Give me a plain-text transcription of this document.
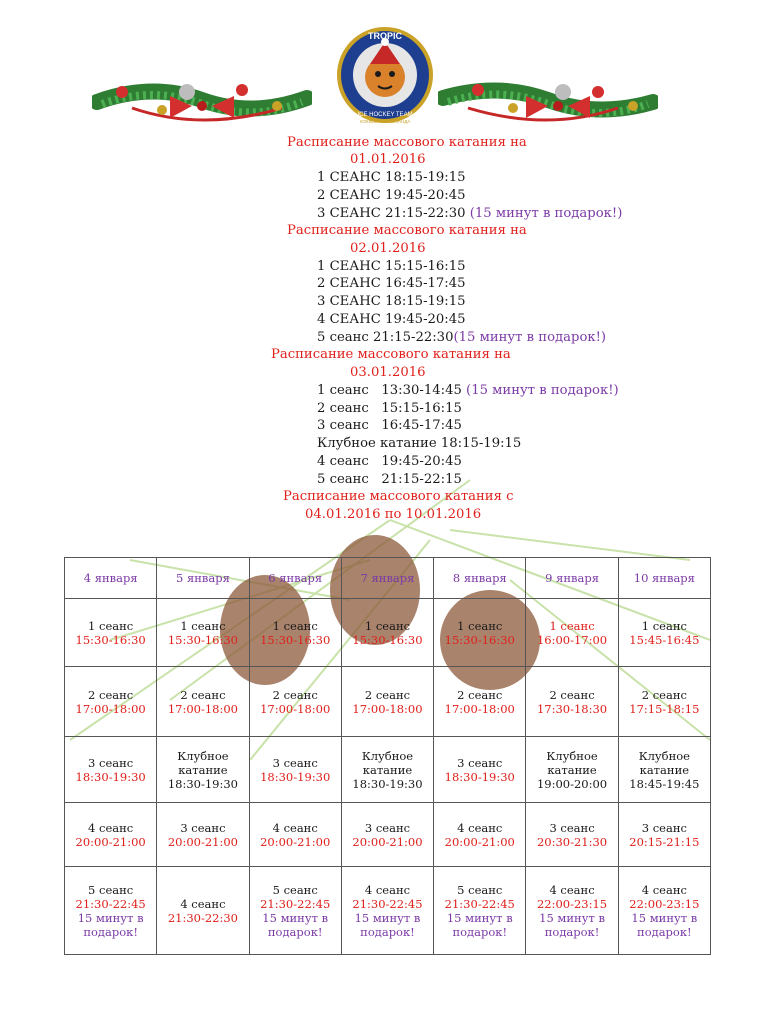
TROPIC
ICE HOCKEY TEAM
ХОККЕЙНАЯ КОМАНДА
Расписание массового катания на
01.01.2016
1 СЕАНС 18:15-19:15
2 СЕАНС 19:45-20:45
3 СЕАНС 21:15-22:30 (15 минут в подарок!)
Расписание массового катания на
02.01.2016
1 СЕАНС 15:15-16:15
2 СЕАНС 16:45-17:45
3 СЕАНС 18:15-19:15
4 СЕАНС 19:45-20:45
5 сеанс 21:15-22:30(15 минут в подарок!)
Расписание массового катания на
03.01.2016
1 сеанс   13:30-14:45 (15 минут в подарок!)
2 сеанс   15:15-16:15
3 сеанс   16:45-17:45
Клубное катание 18:15-19:15
4 сеанс   19:45-20:45
5 сеанс   21:15-22:15
Расписание массового катания с
04.01.2016 по 10.01.2016
4 января	5 января	6 января	7 января	8 января	9 января	10 января

1 сеанс
15:30-16:30	1 сеанс
15:30-16:30	1 сеанс
15:30-16:30	1 сеанс
15:30-16:30	1 сеанс
15:30-16:30	1 сеанс
16:00-17:00	1 сеанс
15:45-16:45

2 сеанс
17:00-18:00	2 сеанс
17:00-18:00	2 сеанс
17:00-18:00	2 сеанс
17:00-18:00	2 сеанс
17:00-18:00	2 сеанс
17:30-18:30	2 сеанс
17:15-18:15

3 сеанс
18:30-19:30	Клубное катание
18:30-19:30	3 сеанс
18:30-19:30	Клубное катание
18:30-19:30	3 сеанс
18:30-19:30	Клубное катание
19:00-20:00	Клубное катание
18:45-19:45

4 сеанс
20:00-21:00	3 сеанс
20:00-21:00	4 сеанс
20:00-21:00	3 сеанс
20:00-21:00	4 сеанс
20:00-21:00	3 сеанс
20:30-21:30	3 сеанс
20:15-21:15

5 сеанс
21:30-22:45
15 минут в подарок!	4 сеанс
21:30-22:30	5 сеанс
21:30-22:45
15 минут в подарок!	4 сеанс
21:30-22:45
15 минут в подарок!	5 сеанс
21:30-22:45
15 минут в подарок!	4 сеанс
22:00-23:15
15 минут в подарок!	4 сеанс
22:00-23:15
15 минут в подарок!
